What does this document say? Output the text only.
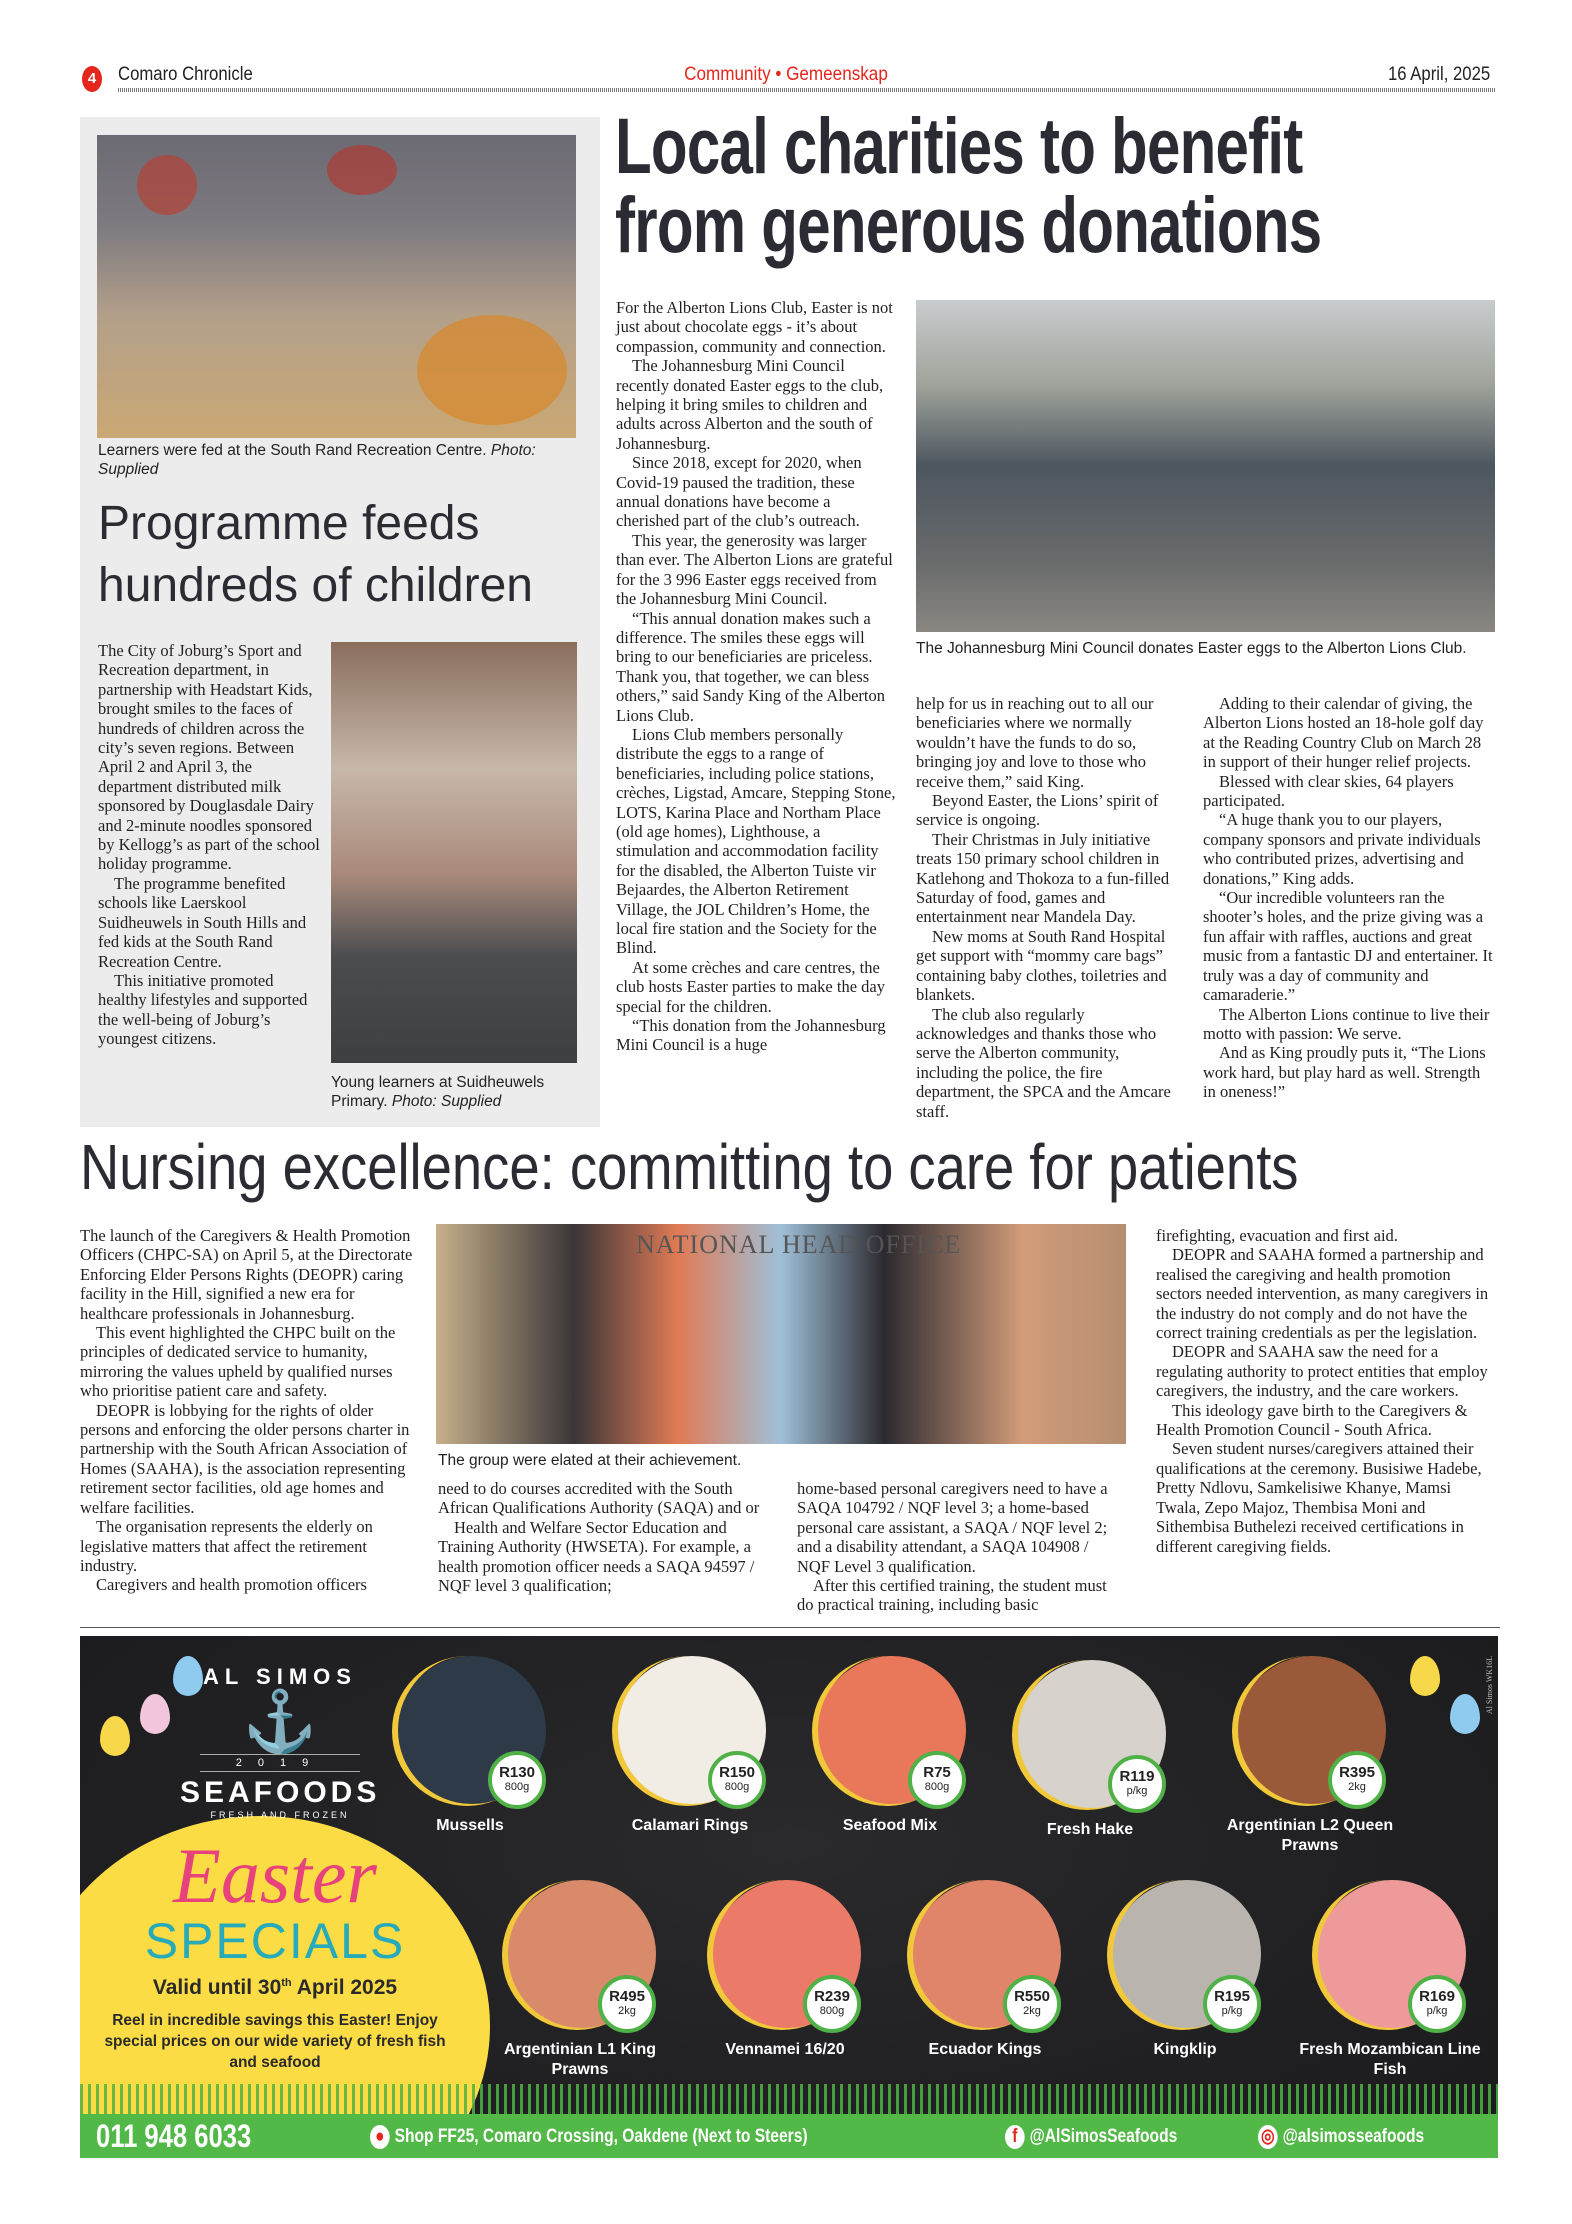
4	Comaro Chronicle	Community • Gemeenskap	16 April, 2025
Learners were fed at the South Rand Recreation Centre. Photo: Supplied
Programme feeds hundreds of children

The City of Joburg’s Sport and Recreation department, in partnership with Headstart Kids, brought smiles to the faces of hundreds of children across the city’s seven regions. Between April 2 and April 3, the department distributed milk sponsored by Douglasdale Dairy and 2-minute noodles sponsored by Kellogg’s as part of the school holiday programme.

The programme benefited schools like Laerskool Suidheuwels in South Hills and fed kids at the South Rand Recreation Centre.

This initiative promoted healthy lifestyles and supported the well-being of Joburg’s youngest citizens.

Young learners at Suidheuwels Primary. Photo: Supplied
Local charities to benefit
from generous donations

For the Alberton Lions Club, Easter is not just about chocolate eggs - it’s about compassion, community and connection.

The Johannesburg Mini Council recently donated Easter eggs to the club, helping it bring smiles to children and adults across Alberton and the south of Johannesburg.

Since 2018, except for 2020, when Covid-19 paused the tradition, these annual donations have become a cherished part of the club’s outreach.

This year, the generosity was larger than ever. The Alberton Lions are grateful for the 3 996 Easter eggs received from the Johannesburg Mini Council.

“This annual donation makes such a difference. The smiles these eggs will bring to our beneficiaries are priceless. Thank you, that together, we can bless others,” said Sandy King of the Alberton Lions Club.

Lions Club members personally distribute the eggs to a range of beneficiaries, including police stations, crèches, Ligstad, Amcare, Stepping Stone, LOTS, Karina Place and Northam Place (old age homes), Lighthouse, a stimulation and accommodation facility for the disabled, the Alberton Tuiste vir Bejaardes, the Alberton Retirement Village, the JOL Children’s Home, the local fire station and the Society for the Blind.

At some crèches and care centres, the club hosts Easter parties to make the day special for the children.

“This donation from the Johannesburg Mini Council is a huge

The Johannesburg Mini Council donates Easter eggs to the Alberton Lions Club.

help for us in reaching out to all our beneficiaries where we normally wouldn’t have the funds to do so, bringing joy and love to those who receive them,” said King.

Beyond Easter, the Lions’ spirit of service is ongoing.

Their Christmas in July initiative treats 150 primary school children in Katlehong and Thokoza to a fun-filled Saturday of food, games and entertainment near Mandela Day.

New moms at South Rand Hospital get support with “mommy care bags” containing baby clothes, toiletries and blankets.

The club also regularly acknowledges and thanks those who serve the Alberton community, including the police, the fire department, the SPCA and the Amcare staff.

Adding to their calendar of giving, the Alberton Lions hosted an 18-hole golf day at the Reading Country Club on March 28 in support of their hunger relief projects.

Blessed with clear skies, 64 players participated.

“A huge thank you to our players, company sponsors and private individuals who contributed prizes, advertising and donations,” King adds.

“Our incredible volunteers ran the shooter’s holes, and the prize giving was a fun affair with raffles, auctions and great music from a fantastic DJ and entertainer. It truly was a day of community and camaraderie.”

The Alberton Lions continue to live their motto with passion: We serve.

And as King proudly puts it, “The Lions work hard, but play hard as well. Strength in oneness!”

Nursing excellence: committing to care for patients

The launch of the Caregivers & Health Promotion Officers (CHPC-SA) on April 5, at the Directorate Enforcing Elder Persons Rights (DEOPR) caring facility in the Hill, signified a new era for healthcare professionals in Johannesburg.

This event highlighted the CHPC built on the principles of dedicated service to humanity, mirroring the values upheld by qualified nurses who prioritise patient care and safety.

DEOPR is lobbying for the rights of older persons and enforcing the older persons charter in partnership with the South African Association of Homes (SAAHA), is the association representing retirement sector facilities, old age homes and welfare facilities.

The organisation represents the elderly on legislative matters that affect the retirement industry.

Caregivers and health promotion officers

NATIONAL HEAD OFFICE
The group were elated at their achievement.

need to do courses accredited with the South African Qualifications Authority (SAQA) and or

Health and Welfare Sector Education and Training Authority (HWSETA). For example, a health promotion officer needs a SAQA 94597 / NQF level 3 qualification;

home-based personal caregivers need to have a SAQA 104792 / NQF level 3; a home-based personal care assistant, a SAQA / NQF level 2; and a disability attendant, a SAQA 104908 / NQF Level 3 qualification.

After this certified training, the student must do practical training, including basic

firefighting, evacuation and first aid.

DEOPR and SAAHA formed a partnership and realised the caregiving and health promotion sectors needed intervention, as many caregivers in the industry do not comply and do not have the correct training credentials as per the legislation.

DEOPR and SAAHA saw the need for a regulating authority to protect entities that employ caregivers, the industry, and the care workers.

This ideology gave birth to the Caregivers & Health Promotion Council - South Africa.

Seven student nurses/caregivers attained their qualifications at the ceremony. Busisiwe Hadebe, Pretty Ndlovu, Samkelisiwe Khanye, Mamsi Twala, Zepo Majoz, Thembisa Moni and Sithembisa Buthelezi received certifications in different caregiving fields.

AL SIMOS
⚓
2019
SEAFOODS
FRESH AND FROZEN
Easter
SPECIALS
Valid until 30th April 2025
Reel in incredible savings this Easter! Enjoy special prices on our wide variety of fresh fish and seafood
R130
800g
Mussells
R150
800g
Calamari Rings
R75
800g
Seafood Mix
R119
p/kg
Fresh Hake
R395
2kg
Argentinian L2 Queen Prawns
R495
2kg
Argentinian L1 King Prawns
R239
800g
Vennamei 16/20
R550
2kg
Ecuador Kings
R195
p/kg
Kingklip
R169
p/kg
Fresh Mozambican Line Fish
Al Simos WK16L
011 948 6033	● Shop FF25, Comaro Crossing, Oakdene (Next to Steers)	f @AlSimosSeafoods	◎ @alsimosseafoods
